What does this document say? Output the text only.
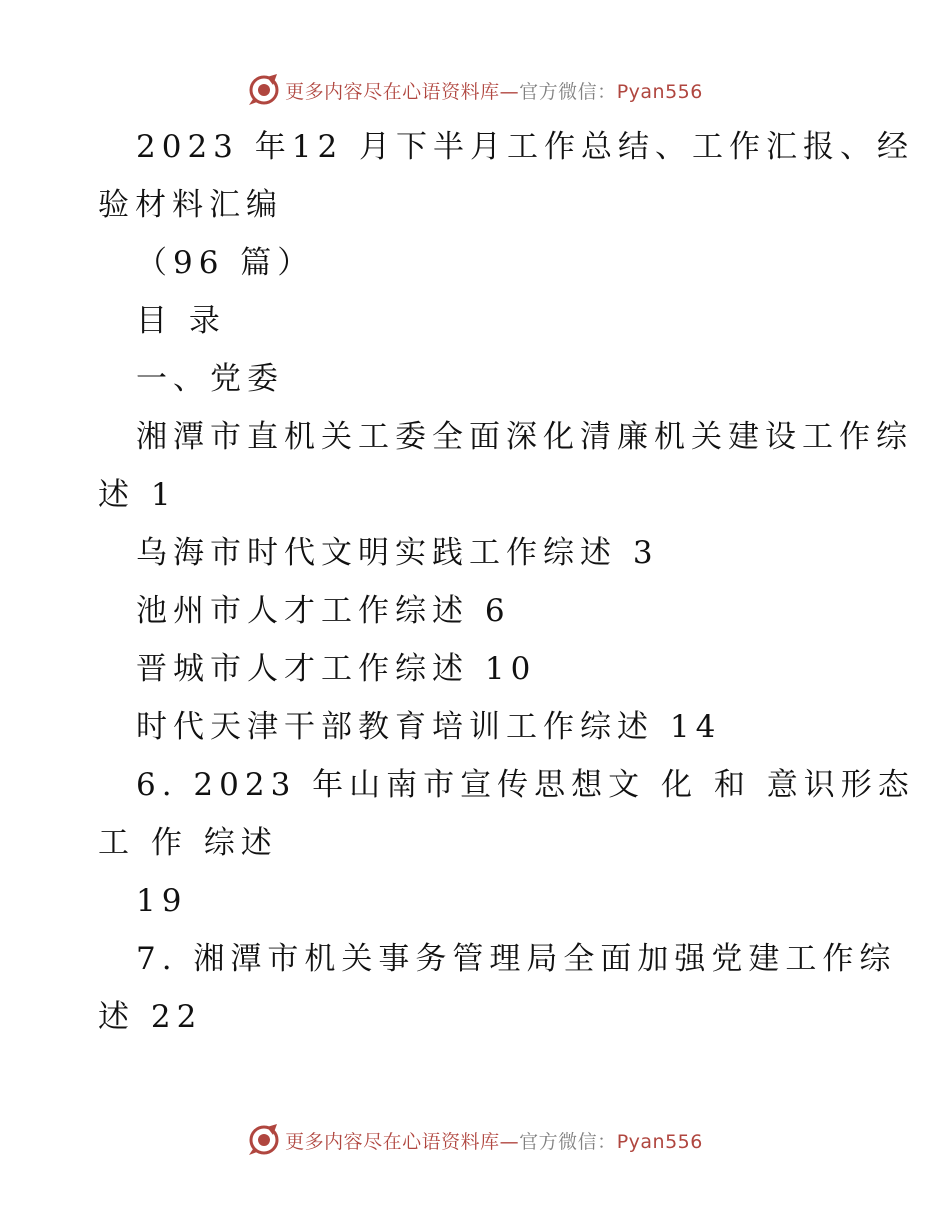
更多内容尽在心语资料库—官方微信：Pyan556
2023 年12 月下半月工作总结、工作汇报、经
验材料汇编
（96 篇）
目 录
一、党委
湘潭市直机关工委全面深化清廉机关建设工作综
述 1
乌海市时代文明实践工作综述 3
池州市人才工作综述 6
晋城市人才工作综述 10
时代天津干部教育培训工作综述 14
6. 2023 年山南市宣传思想文 化 和 意识形态
工 作 综述
19
7. 湘潭市机关事务管理局全面加强党建工作综
述 22
更多内容尽在心语资料库—官方微信：Pyan556
